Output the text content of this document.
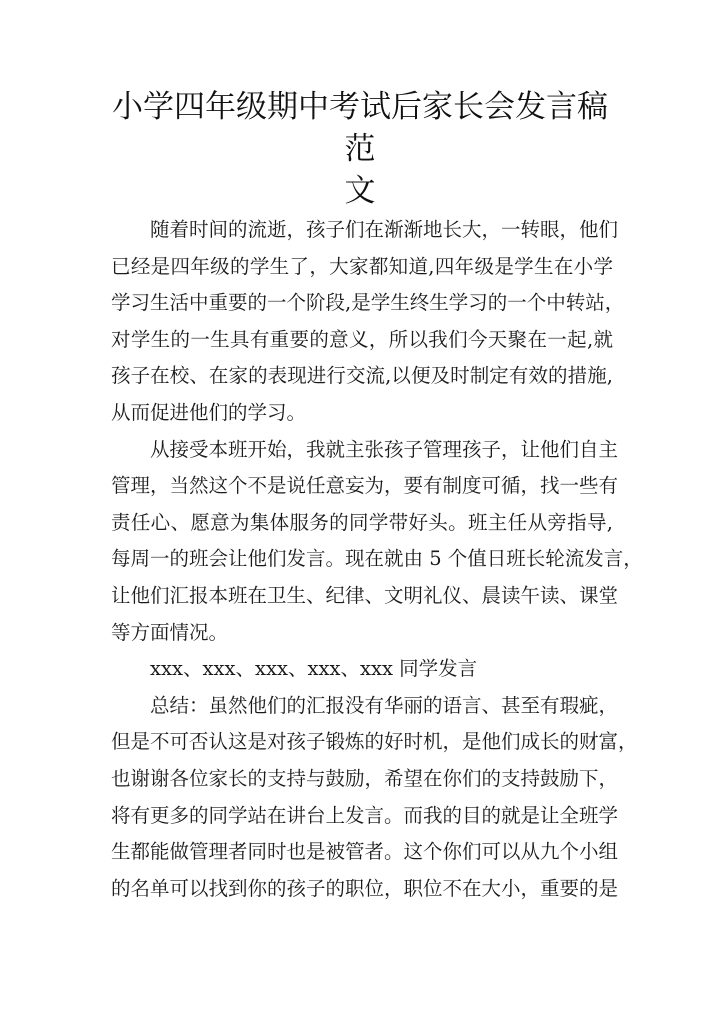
小学四年级期中考试后家长会发言稿范
文
随着时间的流逝，孩子们在渐渐地长大，一转眼，他们
已经是四年级的学生了，大家都知道,四年级是学生在小学
学习生活中重要的一个阶段,是学生终生学习的一个中转站，
对学生的一生具有重要的意义，所以我们今天聚在一起,就
孩子在校、在家的表现进行交流,以便及时制定有效的措施,
从而促进他们的学习。
从接受本班开始，我就主张孩子管理孩子，让他们自主
管理，当然这个不是说任意妄为，要有制度可循，找一些有
责任心、愿意为集体服务的同学带好头。班主任从旁指导,
每周一的班会让他们发言。现在就由 5 个值日班长轮流发言，
让他们汇报本班在卫生、纪律、文明礼仪、晨读午读、课堂
等方面情况。
xxx、xxx、xxx、xxx、xxx 同学发言
总结：虽然他们的汇报没有华丽的语言、甚至有瑕疵，
但是不可否认这是对孩子锻炼的好时机，是他们成长的财富，
也谢谢各位家长的支持与鼓励，希望在你们的支持鼓励下，
将有更多的同学站在讲台上发言。而我的目的就是让全班学
生都能做管理者同时也是被管者。这个你们可以从九个小组
的名单可以找到你的孩子的职位，职位不在大小，重要的是
